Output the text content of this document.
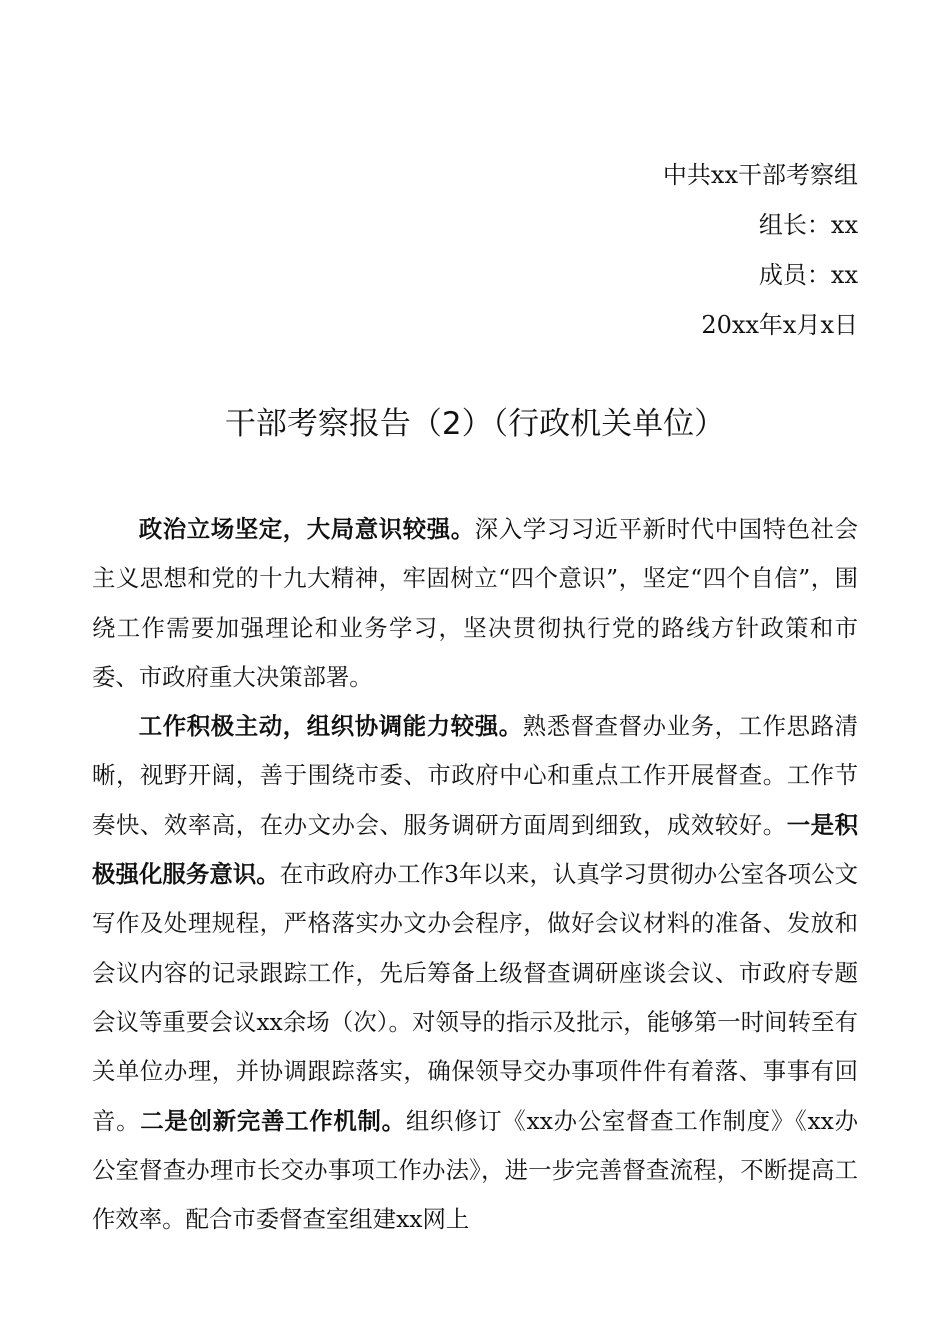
中共xx干部考察组
组长：xx
成员：xx
20xx年x月x日
干部考察报告（2）（行政机关单位）

政治立场坚定，大局意识较强。深入学习习近平新时代中国特色社会主义思想和党的十九大精神，牢固树立“四个意识”，坚定“四个自信”，围绕工作需要加强理论和业务学习，坚决贯彻执行党的路线方针政策和市委、市政府重大决策部署。

工作积极主动，组织协调能力较强。熟悉督查督办业务，工作思路清晰，视野开阔，善于围绕市委、市政府中心和重点工作开展督查。工作节奏快、效率高，在办文办会、服务调研方面周到细致，成效较好。一是积极强化服务意识。在市政府办工作3年以来，认真学习贯彻办公室各项公文写作及处理规程，严格落实办文办会程序，做好会议材料的准备、发放和会议内容的记录跟踪工作，先后筹备上级督查调研座谈会议、市政府专题会议等重要会议xx余场（次）。对领导的指示及批示，能够第一时间转至有关单位办理，并协调跟踪落实，确保领导交办事项件件有着落、事事有回音。二是创新完善工作机制。组织修订《xx办公室督查工作制度》《xx办公室督查办理市长交办事项工作办法》，进一步完善督查流程，不断提高工作效率。配合市委督查室组建xx网上
